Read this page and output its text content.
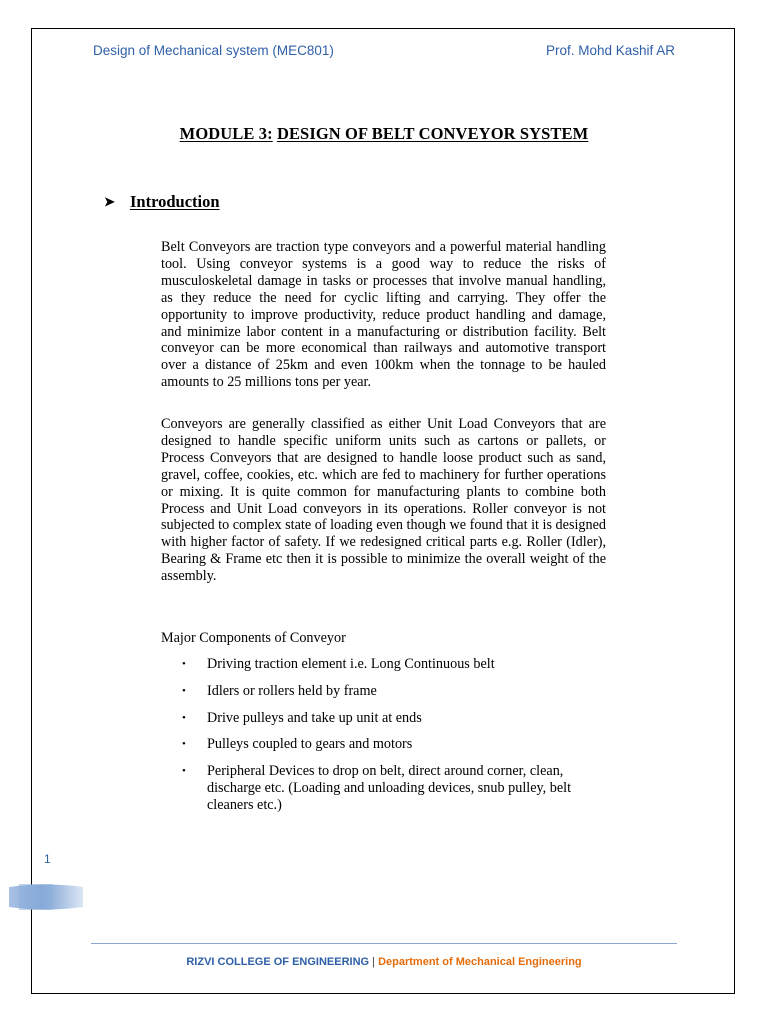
Design of Mechanical system (MEC801)	Prof. Mohd Kashif AR
MODULE 3: DESIGN OF BELT CONVEYOR SYSTEM
➤ Introduction

Belt Conveyors are traction type conveyors and a powerful material handling tool. Using conveyor systems is a good way to reduce the risks of musculoskeletal damage in tasks or processes that involve manual handling, as they reduce the need for cyclic lifting and carrying. They offer the opportunity to improve productivity, reduce product handling and damage, and minimize labor content in a manufacturing or distribution facility. Belt conveyor can be more economical than railways and automotive transport over a distance of 25km and even 100km when the tonnage to be hauled amounts to 25 millions tons per year.

Conveyors are generally classified as either Unit Load Conveyors that are designed to handle specific uniform units such as cartons or pallets, or Process Conveyors that are designed to handle loose product such as sand, gravel, coffee, cookies, etc. which are fed to machinery for further operations or mixing. It is quite common for manufacturing plants to combine both Process and Unit Load conveyors in its operations. Roller conveyor is not subjected to complex state of loading even though we found that it is designed with higher factor of safety. If we redesigned critical parts e.g. Roller (Idler), Bearing & Frame etc then it is possible to minimize the overall weight of the assembly.

Major Components of Conveyor
• Driving traction element i.e. Long Continuous belt
• Idlers or rollers held by frame
• Drive pulleys and take up unit at ends
• Pulleys coupled to gears and motors
• Peripheral Devices to drop on belt, direct around corner, clean, discharge etc. (Loading and unloading devices, snub pulley, belt cleaners etc.)
1
RIZVI COLLEGE OF ENGINEERING | Department of Mechanical Engineering
